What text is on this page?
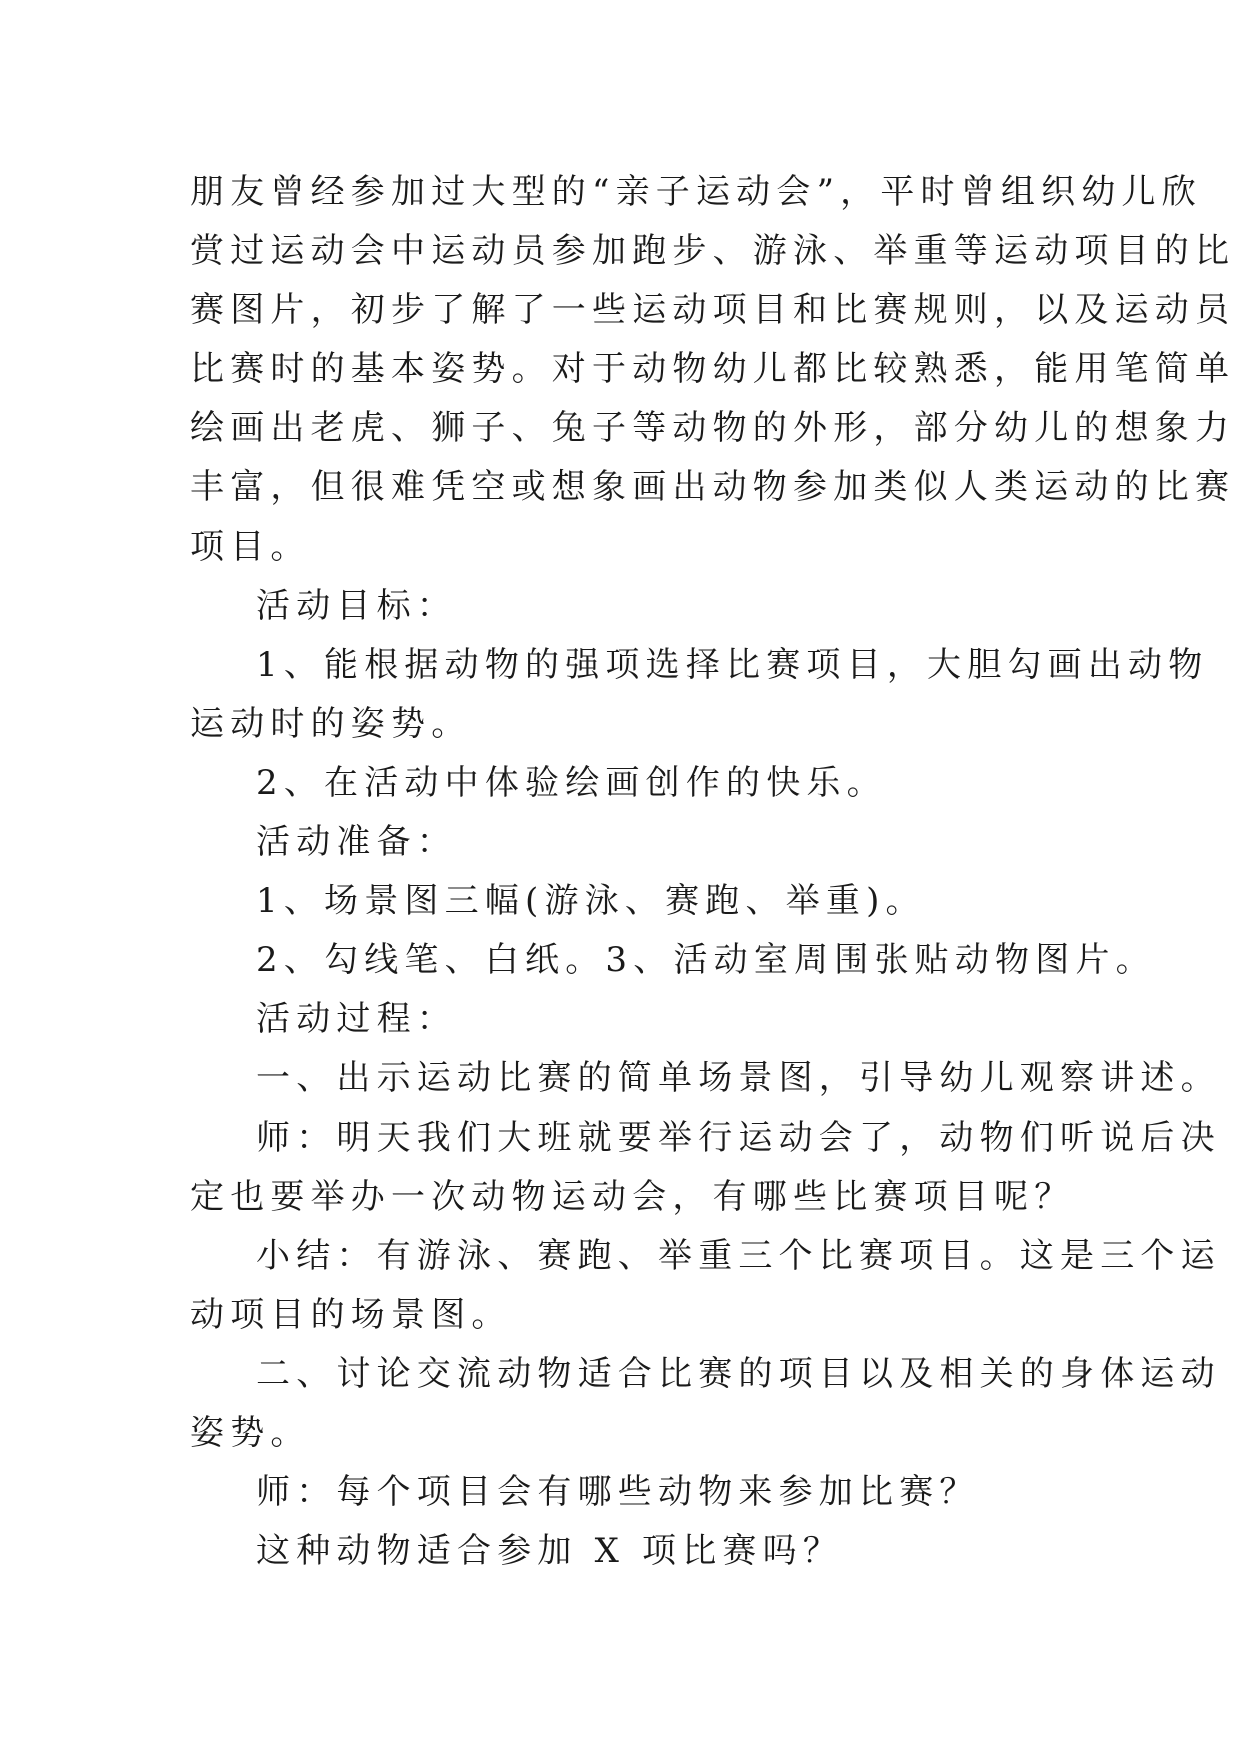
朋友曾经参加过大型的“亲子运动会”，平时曾组织幼儿欣
赏过运动会中运动员参加跑步、游泳、举重等运动项目的比
赛图片，初步了解了一些运动项目和比赛规则，以及运动员
比赛时的基本姿势。对于动物幼儿都比较熟悉，能用笔简单
绘画出老虎、狮子、兔子等动物的外形，部分幼儿的想象力
丰富，但很难凭空或想象画出动物参加类似人类运动的比赛
项目。
活动目标：
1、能根据动物的强项选择比赛项目，大胆勾画出动物
运动时的姿势。
2、在活动中体验绘画创作的快乐。
活动准备：
1、场景图三幅(游泳、赛跑、举重)。
2、勾线笔、白纸。3、活动室周围张贴动物图片。
活动过程：
一、出示运动比赛的简单场景图，引导幼儿观察讲述。
师：明天我们大班就要举行运动会了，动物们听说后决
定也要举办一次动物运动会，有哪些比赛项目呢？
小结：有游泳、赛跑、举重三个比赛项目。这是三个运
动项目的场景图。
二、讨论交流动物适合比赛的项目以及相关的身体运动
姿势。
师：每个项目会有哪些动物来参加比赛？
这种动物适合参加 X 项比赛吗？
